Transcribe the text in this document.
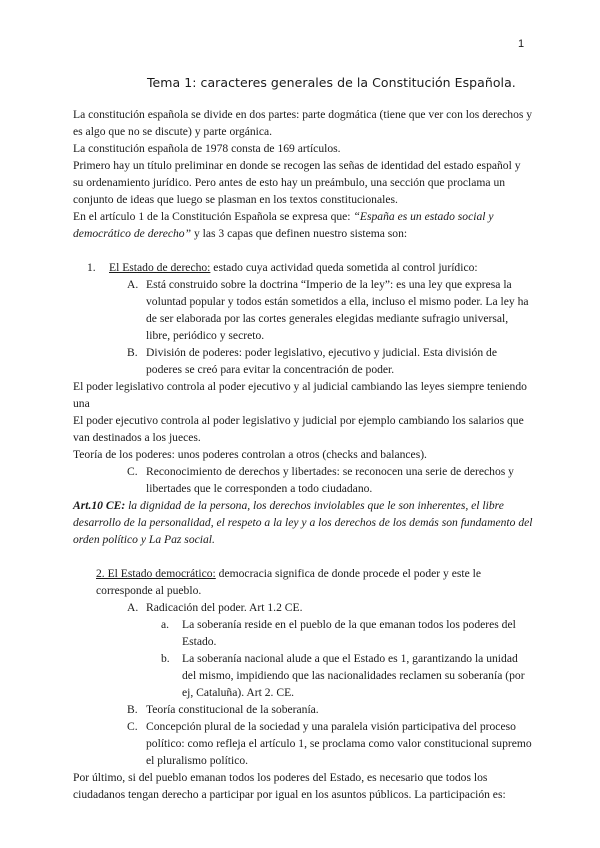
1
Tema 1: caracteres generales de la Constitución Española.

La constitución española se divide en dos partes: parte dogmática (tiene que ver con los derechos y es algo que no se discute) y parte orgánica.

La constitución española de 1978 consta de 169 artículos.

Primero hay un título preliminar en donde se recogen las señas de identidad del estado español y su ordenamiento jurídico. Pero antes de esto hay un preámbulo, una sección que proclama un conjunto de ideas que luego se plasman en los textos constitucionales.

En el artículo 1 de la Constitución Española se expresa que: “España es un estado social y democrático de derecho” y las 3 capas que definen nuestro sistema son:

1.	El Estado de derecho: estado cuya actividad queda sometida al control jurídico:

A. Está construido sobre la doctrina “Imperio de la ley”: es una ley que expresa la voluntad popular y todos están sometidos a ella, incluso el mismo poder. La ley ha de ser elaborada por las cortes generales elegidas mediante sufragio universal, libre, periódico y secreto.

B. División de poderes: poder legislativo, ejecutivo y judicial. Esta división de poderes se creó para evitar la concentración de poder.

El poder legislativo controla al poder ejecutivo y al judicial cambiando las leyes siempre teniendo una

El poder ejecutivo controla al poder legislativo y judicial por ejemplo cambiando los salarios que van destinados a los jueces.

Teoría de los poderes: unos poderes controlan a otros (checks and balances).

C. Reconocimiento de derechos y libertades: se reconocen una serie de derechos y libertades que le corresponden a todo ciudadano.

Art.10 CE: la dignidad de la persona, los derechos inviolables que le son inherentes, el libre desarrollo de la personalidad, el respeto a la ley y a los derechos de los demás son fundamento del orden político y La Paz social.

2. El Estado democrático: democracia significa de donde procede el poder y este le corresponde al pueblo.

A. Radicación del poder. Art 1.2 CE.

a.	La soberanía reside en el pueblo de la que emanan todos los poderes del Estado.

b.	La soberanía nacional alude a que el Estado es 1, garantizando la unidad del mismo, impidiendo que las nacionalidades reclamen su soberanía (por ej, Cataluña). Art 2. CE.

B. Teoría constitucional de la soberanía.

C. Concepción plural de la sociedad y una paralela visión participativa del proceso político: como refleja el artículo 1, se proclama como valor constitucional supremo el pluralismo político.

Por último, si del pueblo emanan todos los poderes del Estado, es necesario que todos los ciudadanos tengan derecho a participar por igual en los asuntos públicos. La participación es:
